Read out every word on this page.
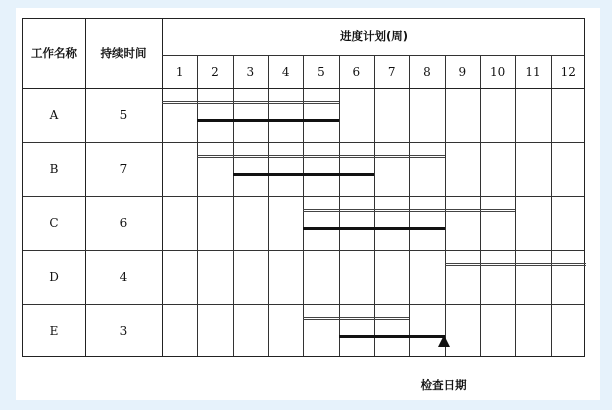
工作名称	持续时间
进度计划(周)
1	2	3	4	5	6	7	8	9	10	11	12
A	5
B	7
C	6
D	4
E	3
检查日期
